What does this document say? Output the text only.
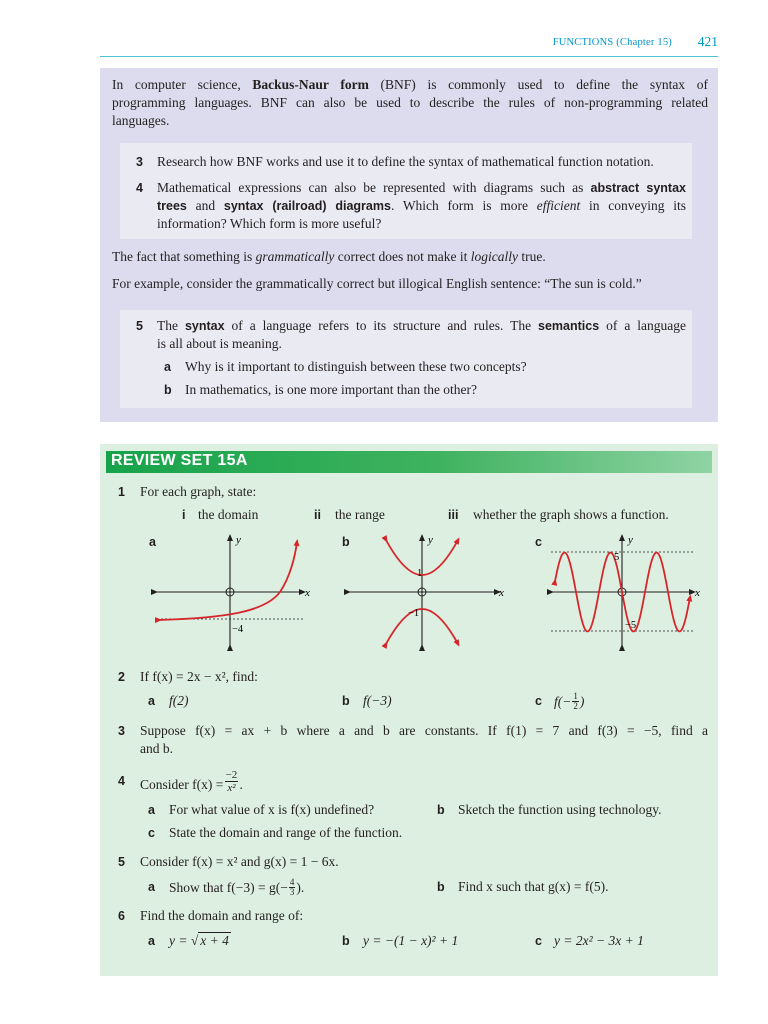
FUNCTIONS (Chapter 15) 421
In computer science, Backus-Naur form (BNF) is commonly used to define the syntax of
programming languages. BNF can also be used to describe the rules of non-programming related
languages.
3 Research how BNF works and use it to define the syntax of mathematical function notation.
4 Mathematical expressions can also be represented with diagrams such as abstract syntax
trees and syntax (railroad) diagrams. Which form is more efficient in conveying its
information? Which form is more useful?
The fact that something is grammatically correct does not make it logically true.
For example, consider the grammatically correct but illogical English sentence: “The sun is cold.”
5 The syntax of a language refers to its structure and rules. The semantics of a language
is all about is meaning.
a Why is it important to distinguish between these two concepts?
b In mathematics, is one more important than the other?
REVIEW SET 15A
1 For each graph, state:
i the domain	ii the range	iii whether the graph shows a function.
a	b	c
y
x
−4
y
x
1
−1
y
x
5
−5
2 If f(x) = 2x − x², find:
a f(2)	b f(−3)	c $f(- \frac{1}{2}$ )
3 Suppose f(x) = ax + b where a and b are constants. If f(1) = 7 and f(3) = −5, find a
and b.
4 Consider $f(x) = \frac{-2}{\text{x²}}$ .
a For what value of x is f(x) undefined?	b Sketch the function using technology.
c State the domain and range of the function.
5 Consider f(x) = x² and g(x) = 1 − 6x.
a Show that $f(-3) = g(- \frac{4}{3}$ ).	b Find x such that g(x) = f(5).
6 Find the domain and range of:
a y = √ x + 4	b y = −(1 − x)² + 1	c y = 2x² − 3x + 1
